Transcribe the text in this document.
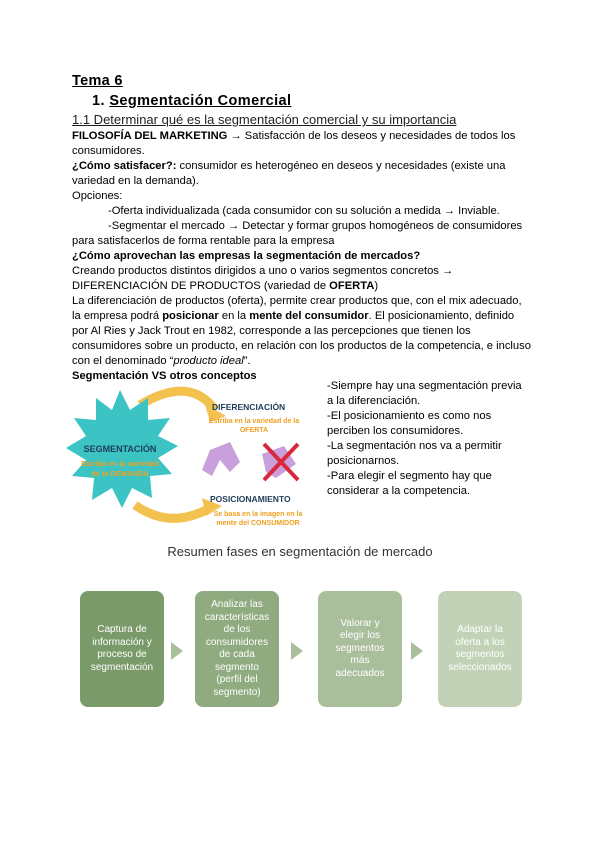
Tema 6
1. Segmentación Comercial
1.1 Determinar qué es la segmentación comercial y su importancia
FILOSOFÍA DEL MARKETING → Satisfacción de los deseos y necesidades de todos los
consumidores.
¿Cómo satisfacer?: consumidor es heterogéneo en deseos y necesidades (existe una
variedad en la demanda).
Opciones:
-Oferta individualizada (cada consumidor con su solución a medida → Inviable.
-Segmentar el mercado → Detectar y formar grupos homogéneos de consumidores
para satisfacerlos de forma rentable para la empresa
¿Cómo aprovechan las empresas la segmentación de mercados?
Creando productos distintos dirigidos a uno o varios segmentos concretos →
DIFERENCIACIÓN DE PRODUCTOS (variedad de OFERTA)
La diferenciación de productos (oferta), permite crear productos que, con el mix adecuado,
la empresa podrá posicionar en la mente del consumidor. El posicionamiento, definido
por Al Ries y Jack Trout en 1982, corresponde a las percepciones que tienen los
consumidores sobre un producto, en relación con los productos de la competencia, e incluso
con el denominado “producto ideal”.
Segmentación VS otros conceptos
SEGMENTACIÓN
Estriba en la variedad
de la DEMANDA
DIFERENCIACIÓN
Estriba en la variedad de la
OFERTA
POSICIONAMIENTO
Se basa en la imagen en la
mente del CONSUMIDOR
-Siempre hay una segmentación previa
a la diferenciación.
-El posicionamiento es como nos
perciben los consumidores.
-La segmentación nos va a permitir
posicionarnos.
-Para elegir el segmento hay que
considerar a la competencia.
Resumen fases en segmentación de mercado
Captura de
información y
proceso de
segmentación
Analizar las
características
de los
consumidores
de cada
segmento
(perfil del
segmento)
Valorar y
elegir los
segmentos
más
adecuados
Adaptar la
oferta a los
segmentos
seleccionados
